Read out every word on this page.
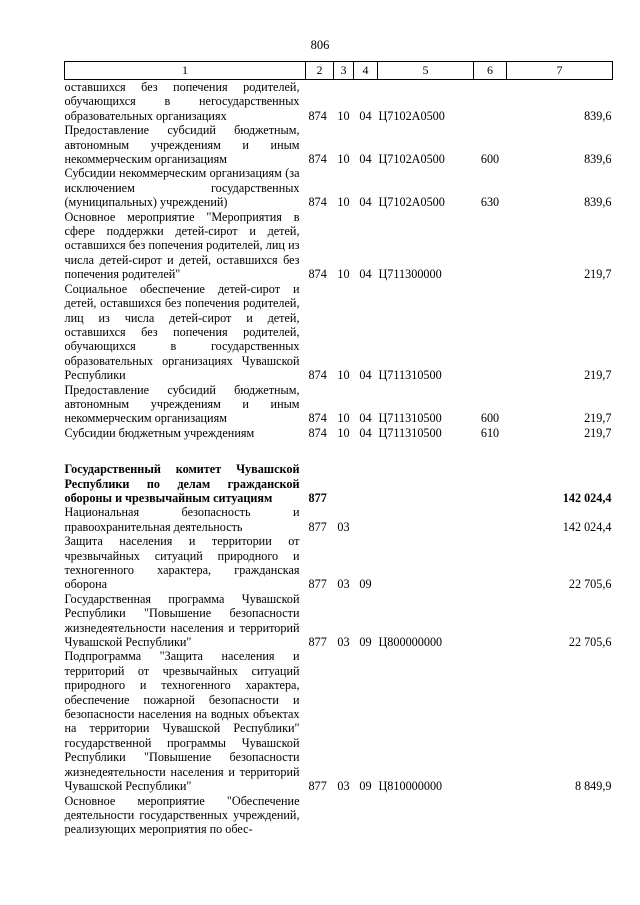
806
1	2	3	4	5	6	7
оставшихся без попечения родителей, обучающихся в негосударственных образовательных организациях	874	10	04	Ц7102А0500		839,6
Предоставление субсидий бюджетным, автономным учреждениям и иным некоммерческим организациям	874	10	04	Ц7102А0500	600	839,6
Субсидии некоммерческим организациям (за исключением государственных (муниципальных) учреждений)	874	10	04	Ц7102А0500	630	839,6
Основное мероприятие "Мероприятия в сфере поддержки детей-сирот и детей, оставшихся без попечения родителей, лиц из числа детей-сирот и детей, оставшихся без попечения родителей"	874	10	04	Ц711300000		219,7
Социальное обеспечение детей-сирот и детей, оставшихся без попечения родителей, лиц из числа детей-сирот и детей, оставшихся без попечения родителей, обучающихся в государственных образовательных организациях Чувашской Республики	874	10	04	Ц711310500		219,7
Предоставление субсидий бюджетным, автономным учреждениям и иным некоммерческим организациям	874	10	04	Ц711310500	600	219,7
Субсидии бюджетным учреждениям	874	10	04	Ц711310500	610	219,7

Государственный комитет Чувашской Республики по делам гражданской обороны и чрезвычайным ситуациям	877					142 024,4
Национальная безопасность и правоохранительная деятельность	877	03				142 024,4
Защита населения и территории от чрезвычайных ситуаций природного и техногенного характера, гражданская оборона	877	03	09			22 705,6
Государственная программа Чувашской Республики "Повышение безопасности жизнедеятельности населения и территорий Чувашской Республики"	877	03	09	Ц800000000		22 705,6
Подпрограмма "Защита населения и территорий от чрезвычайных ситуаций природного и техногенного характера, обеспечение пожарной безопасности и безопасности населения на водных объектах на территории Чувашской Республики" государственной программы Чувашской Республики "Повышение безопасности жизнедеятельности населения и территорий Чувашской Республики"	877	03	09	Ц810000000		8 849,9
Основное мероприятие "Обеспечение деятельности государственных учреждений, реализующих мероприятия по обес-						
